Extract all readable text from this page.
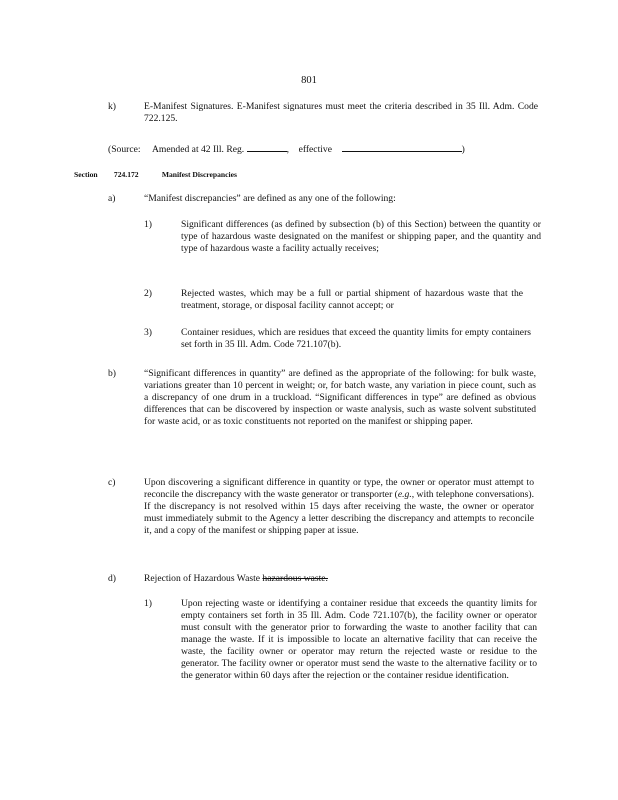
801
k)	E-Manifest Signatures. E-Manifest signatures must meet the criteria described in 35 Ill. Adm. Code 722.125.
(Source: Amended at 42 Ill. Reg.	, effective	)
Section 724.172	Manifest Discrepancies
a)	“Manifest discrepancies” are defined as any one of the following:
1)	Significant differences (as defined by subsection (b) of this Section) between the quantity or type of hazardous waste designated on the manifest or shipping paper, and the quantity and type of hazardous waste a facility actually receives;
2)	Rejected wastes, which may be a full or partial shipment of hazardous waste that the treatment, storage, or disposal facility cannot accept; or
3)	Container residues, which are residues that exceed the quantity limits for empty containers set forth in 35 Ill. Adm. Code 721.107(b).
b)	“Significant differences in quantity” are defined as the appropriate of the following: for bulk waste, variations greater than 10 percent in weight; or, for batch waste, any variation in piece count, such as a discrepancy of one drum in a truckload. “Significant differences in type” are defined as obvious differences that can be discovered by inspection or waste analysis, such as waste solvent substituted for waste acid, or as toxic constituents not reported on the manifest or shipping paper.
c)	Upon discovering a significant difference in quantity or type, the owner or operator must attempt to reconcile the discrepancy with the waste generator or transporter (e.g., with telephone conversations). If the discrepancy is not resolved within 15 days after receiving the waste, the owner or operator must immediately submit to the Agency a letter describing the discrepancy and attempts to reconcile it, and a copy of the manifest or shipping paper at issue.
d)	Rejection of Hazardous Waste hazardous waste.
1)	Upon rejecting waste or identifying a container residue that exceeds the quantity limits for empty containers set forth in 35 Ill. Adm. Code 721.107(b), the facility owner or operator must consult with the generator prior to forwarding the waste to another facility that can manage the waste. If it is impossible to locate an alternative facility that can receive the waste, the facility owner or operator may return the rejected waste or residue to the generator. The facility owner or operator must send the waste to the alternative facility or to the generator within 60 days after the rejection or the container residue identification.
